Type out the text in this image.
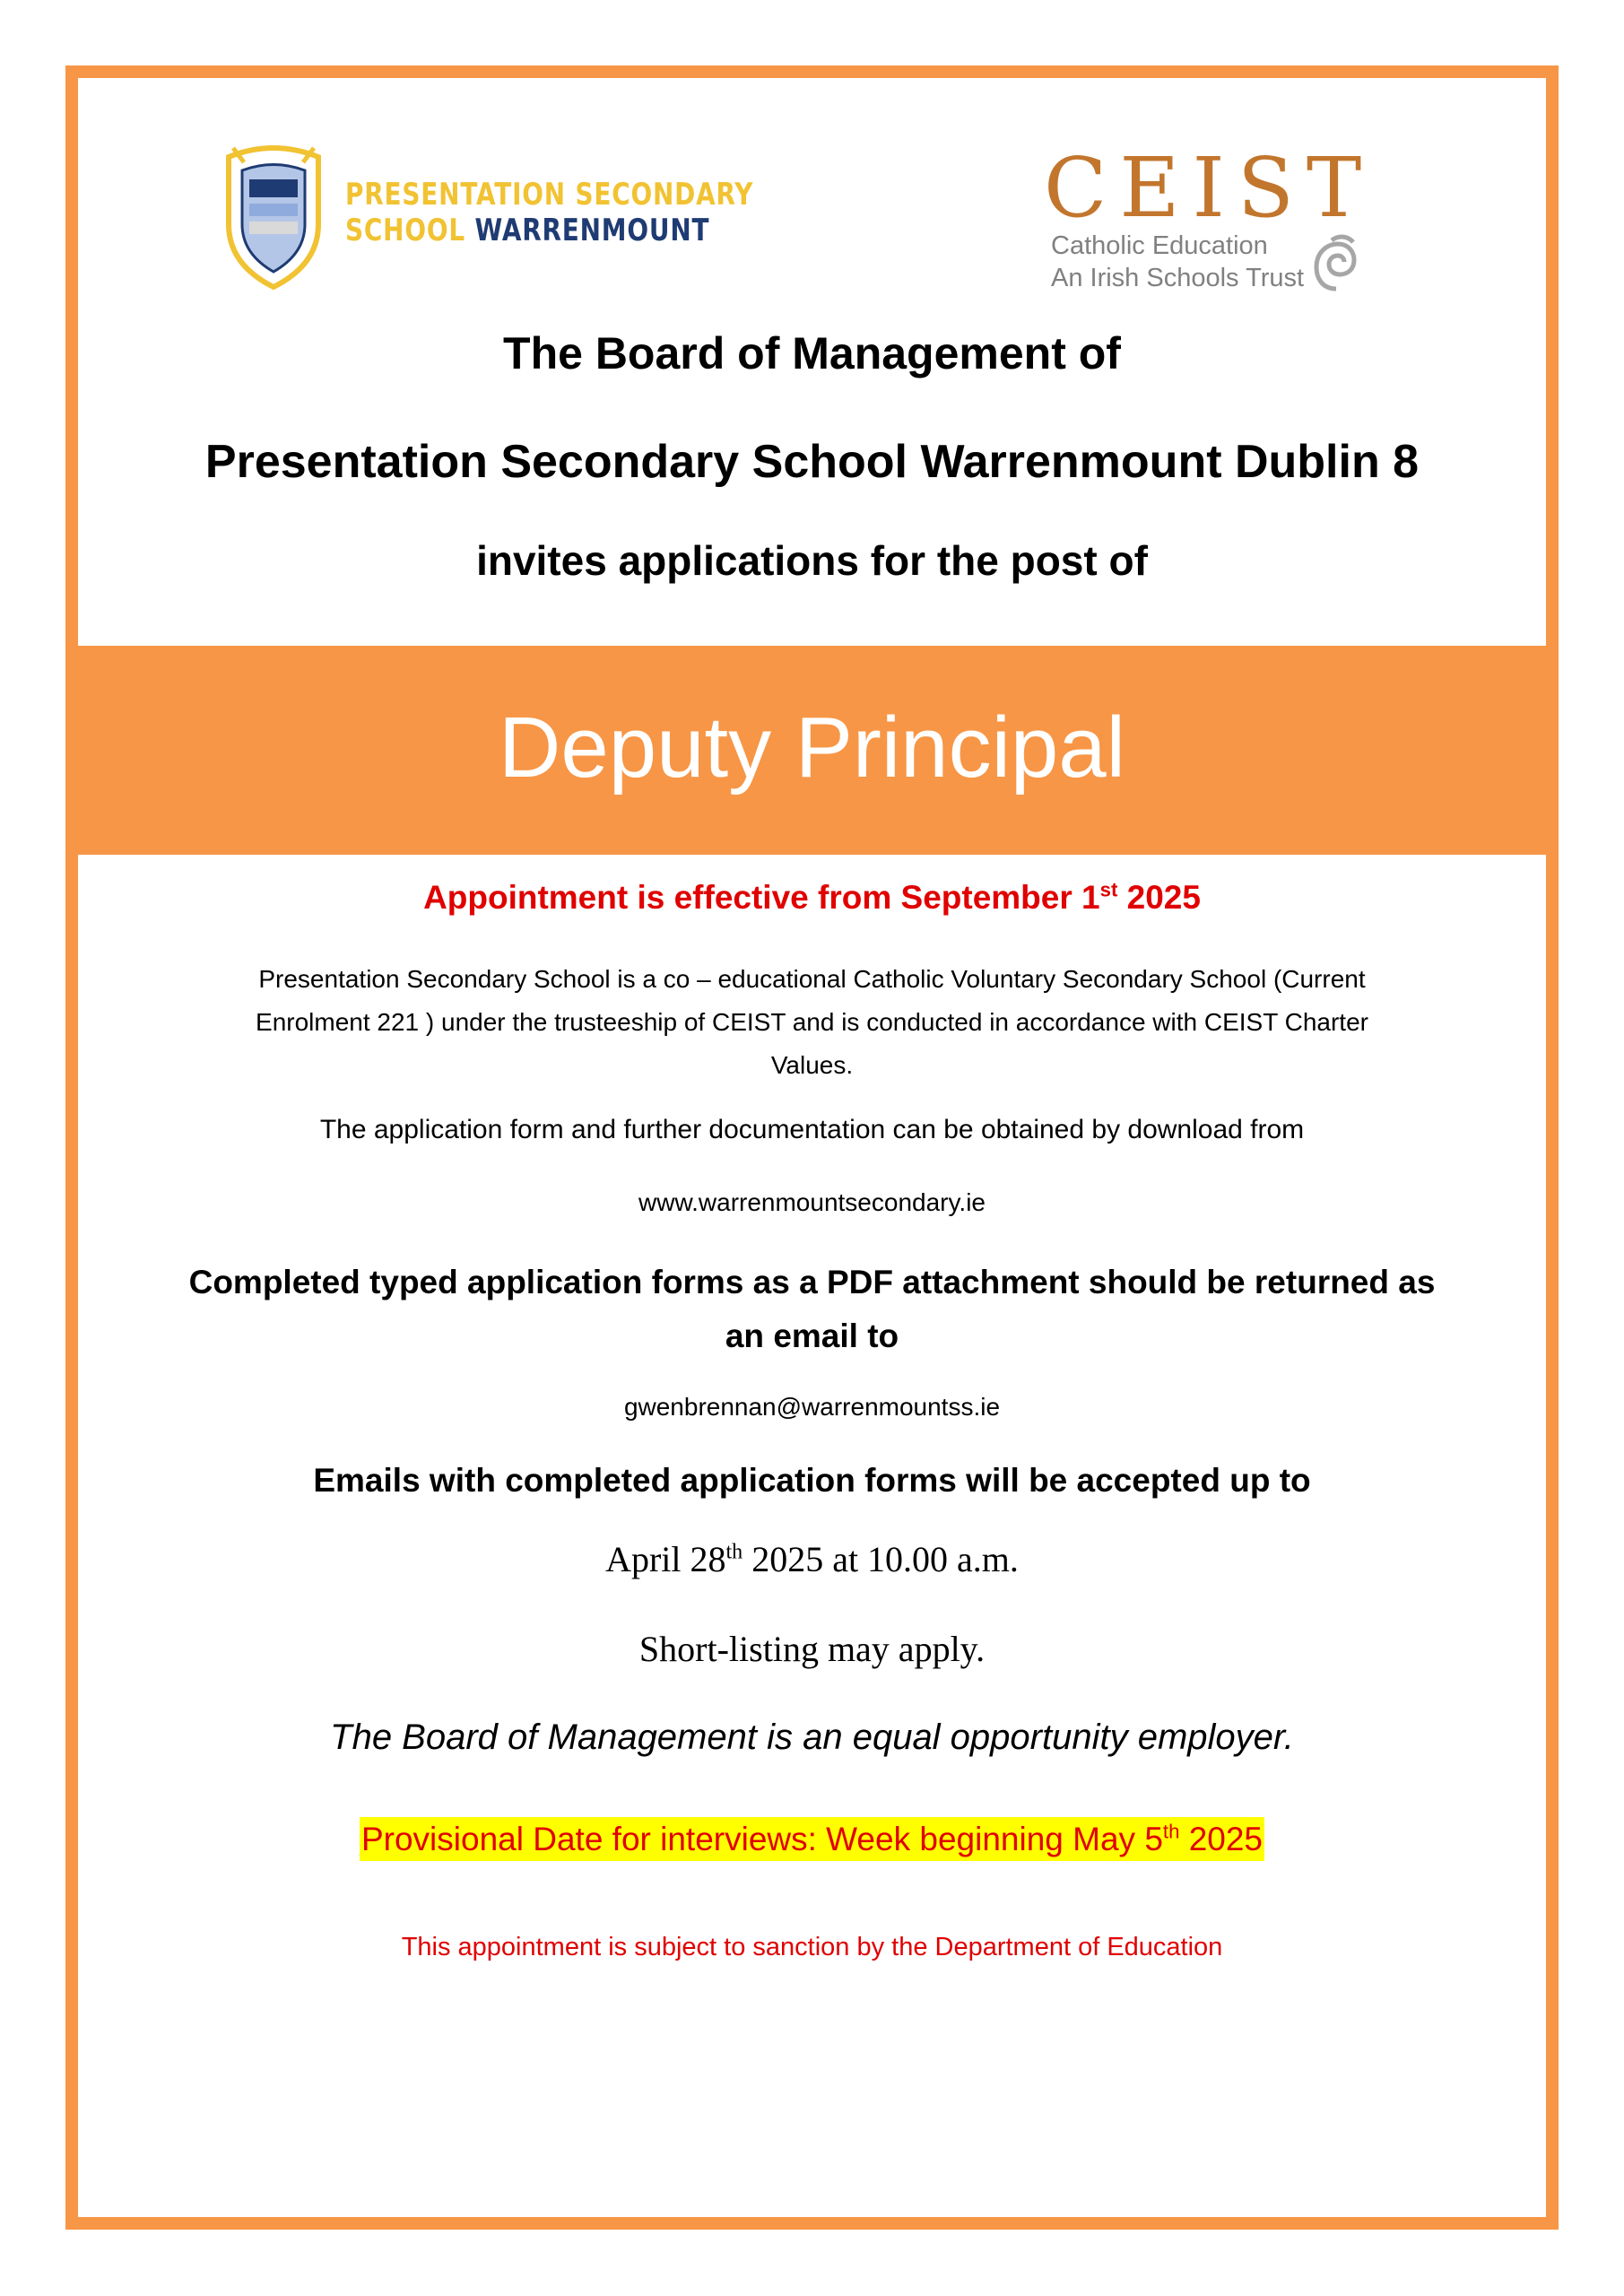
PRESENTATION SECONDARY
SCHOOL WARRENMOUNT	CEIST
Catholic Education
An Irish Schools Trust
The Board of Management of
Presentation Secondary School Warrenmount Dublin 8
invites applications for the post of
Deputy Principal
Appointment is effective from September 1st 2025
Presentation Secondary School is a co – educational Catholic Voluntary Secondary School (Current Enrolment 221 ) under the trusteeship of CEIST and is conducted in accordance with CEIST Charter Values.
The application form and further documentation can be obtained by download from
www.warrenmountsecondary.ie
Completed typed application forms as a PDF attachment should be returned as an email to
gwenbrennan@warrenmountss.ie
Emails with completed application forms will be accepted up to
April 28th 2025 at 10.00 a.m.
Short-listing may apply.
The Board of Management is an equal opportunity employer.
Provisional Date for interviews: Week beginning May 5th 2025
This appointment is subject to sanction by the Department of Education
